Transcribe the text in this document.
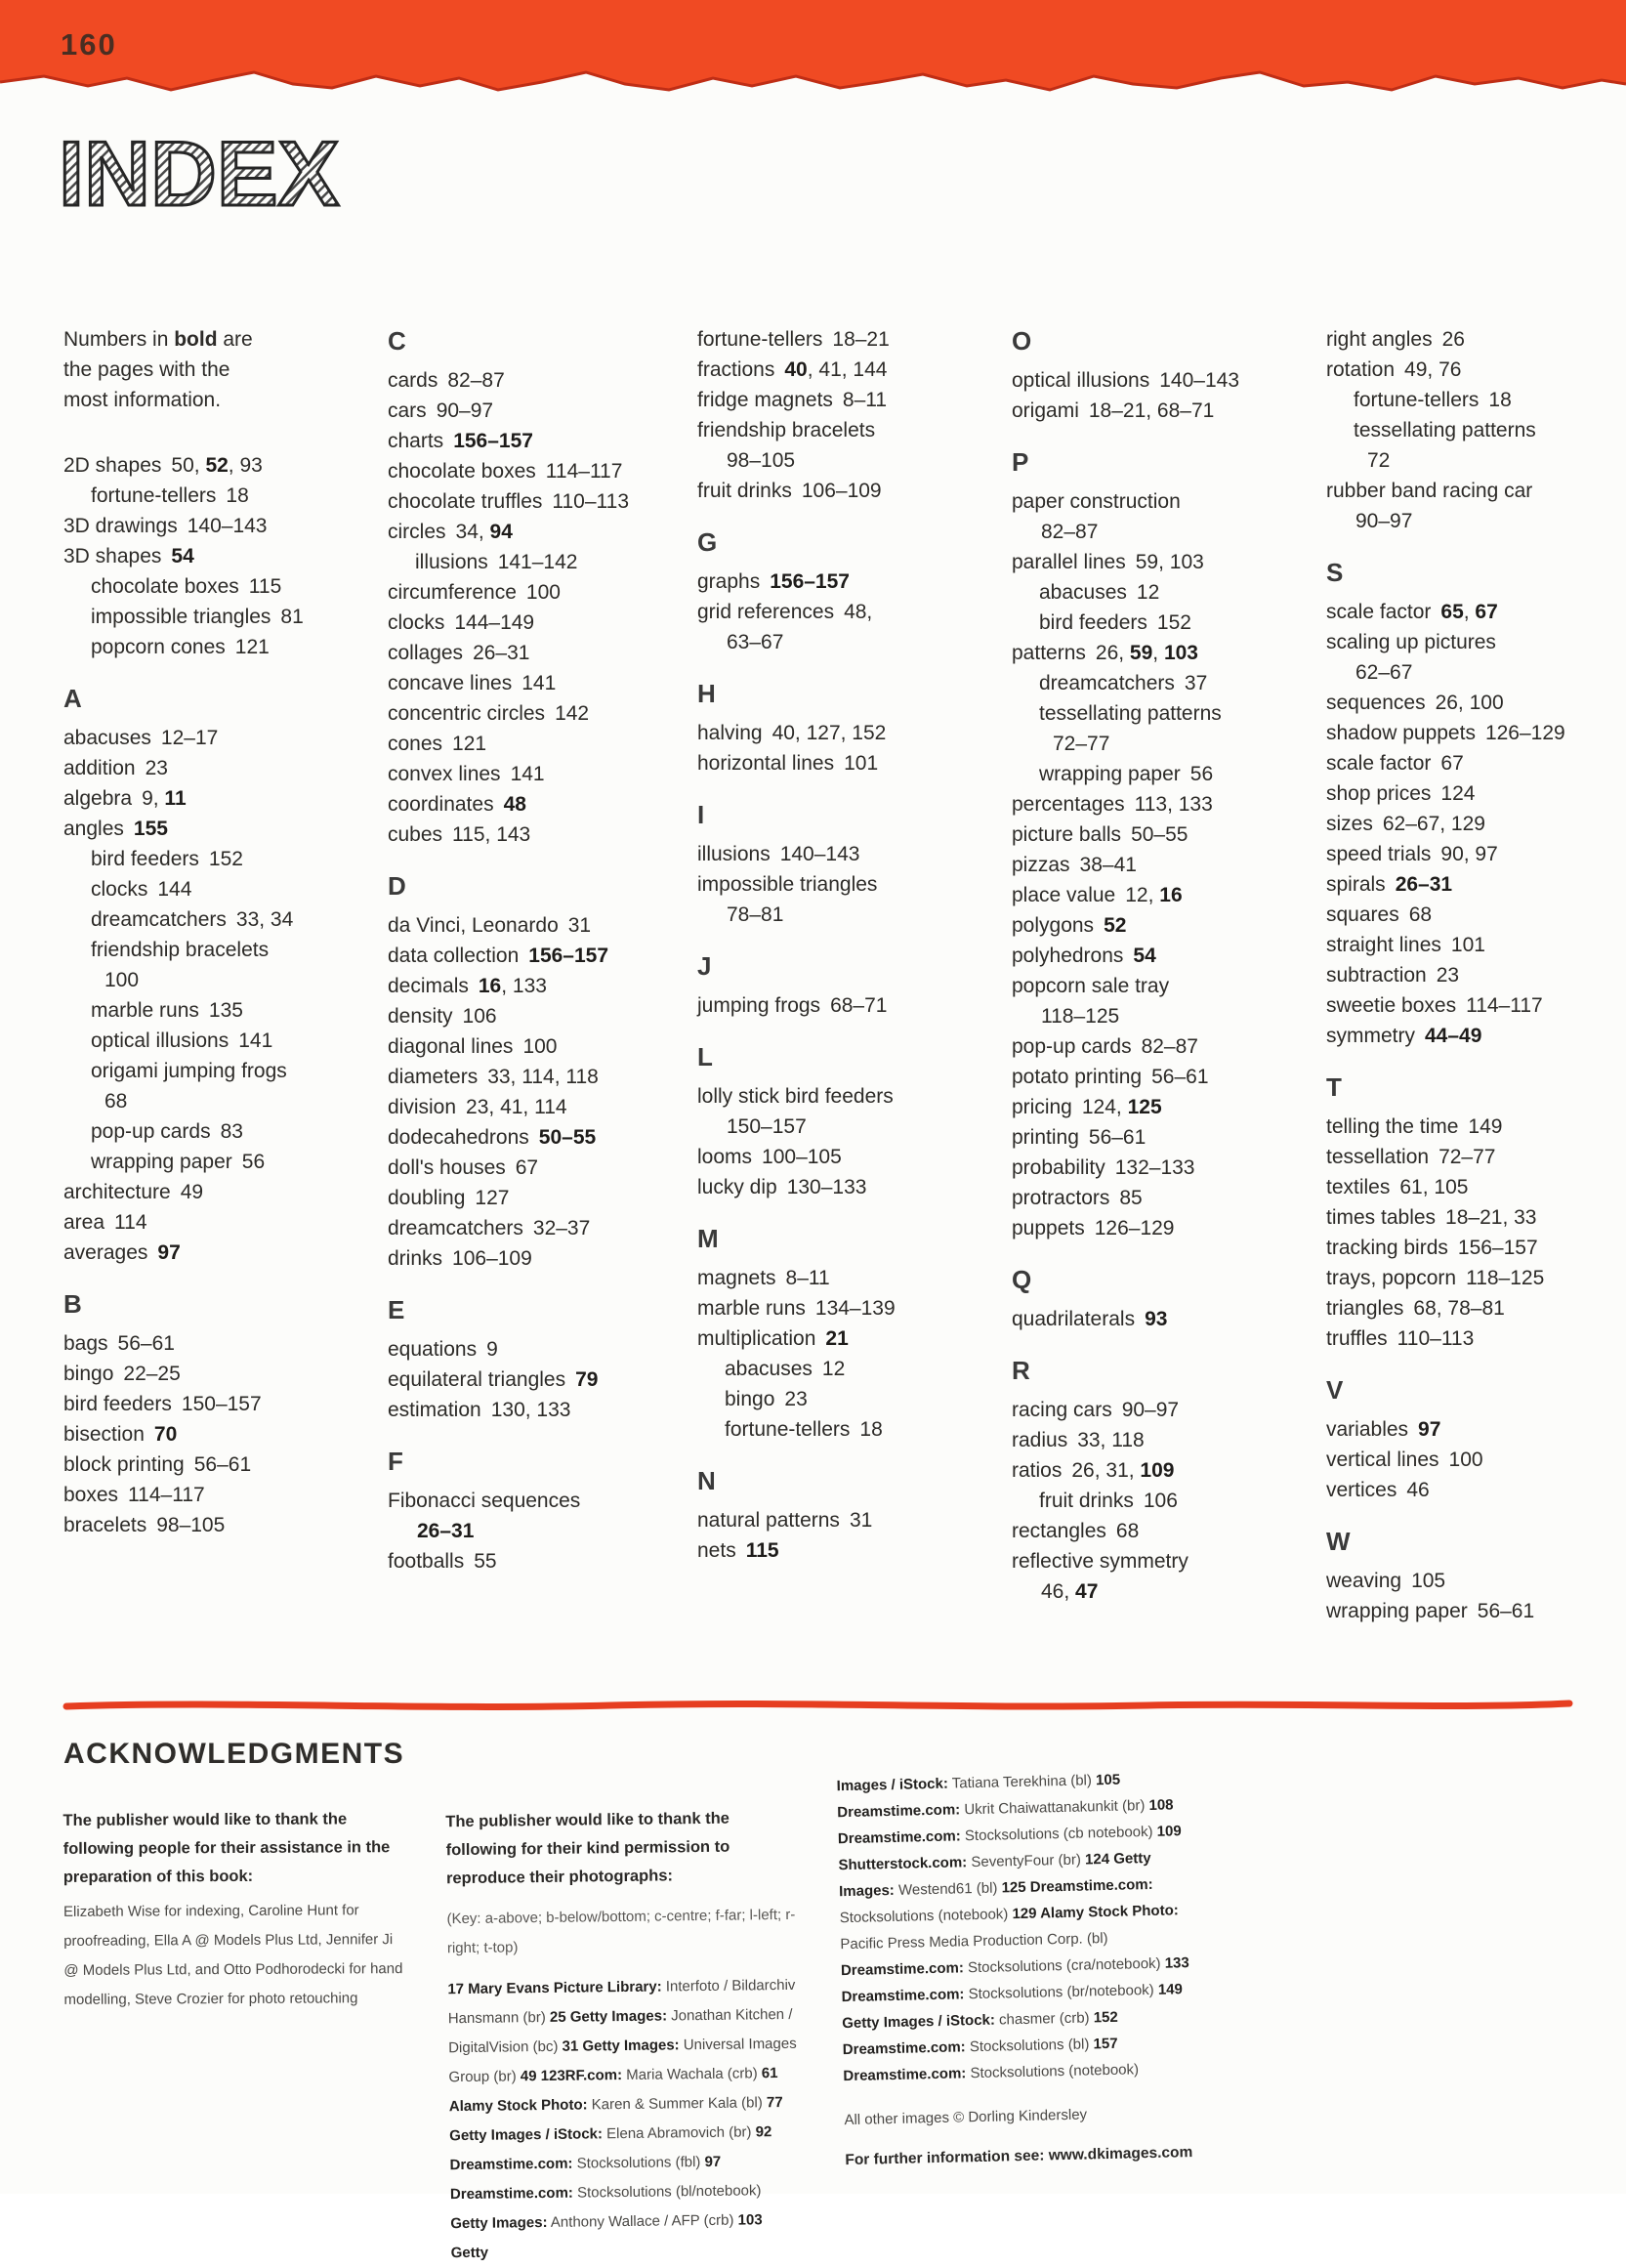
160
INDEX

Numbers in bold are the pages with the most information.

2D shapes 50, 52, 93
fortune-tellers 18
3D drawings 140–143
3D shapes 54
chocolate boxes 115
impossible triangles 81
popcorn cones 121
A
abacuses 12–17
addition 23
algebra 9, 11
angles 155
bird feeders 152
clocks 144
dreamcatchers 33, 34
friendship bracelets
100
marble runs 135
optical illusions 141
origami jumping frogs
68
pop-up cards 83
wrapping paper 56
architecture 49
area 114
averages 97
B
bags 56–61
bingo 22–25
bird feeders 150–157
bisection 70
block printing 56–61
boxes 114–117
bracelets 98–105
C
cards 82–87
cars 90–97
charts 156–157
chocolate boxes 114–117
chocolate truffles 110–113
circles 34, 94
illusions 141–142
circumference 100
clocks 144–149
collages 26–31
concave lines 141
concentric circles 142
cones 121
convex lines 141
coordinates 48
cubes 115, 143
D
da Vinci, Leonardo 31
data collection 156–157
decimals 16, 133
density 106
diagonal lines 100
diameters 33, 114, 118
division 23, 41, 114
dodecahedrons 50–55
doll's houses 67
doubling 127
dreamcatchers 32–37
drinks 106–109
E
equations 9
equilateral triangles 79
estimation 130, 133
F
Fibonacci sequences
26–31
footballs 55
fortune-tellers 18–21
fractions 40, 41, 144
fridge magnets 8–11
friendship bracelets
98–105
fruit drinks 106–109
G
graphs 156–157
grid references 48,
63–67
H
halving 40, 127, 152
horizontal lines 101
I
illusions 140–143
impossible triangles
78–81
J
jumping frogs 68–71
L
lolly stick bird feeders
150–157
looms 100–105
lucky dip 130–133
M
magnets 8–11
marble runs 134–139
multiplication 21
abacuses 12
bingo 23
fortune-tellers 18
N
natural patterns 31
nets 115
O
optical illusions 140–143
origami 18–21, 68–71
P
paper construction
82–87
parallel lines 59, 103
abacuses 12
bird feeders 152
patterns 26, 59, 103
dreamcatchers 37
tessellating patterns
72–77
wrapping paper 56
percentages 113, 133
picture balls 50–55
pizzas 38–41
place value 12, 16
polygons 52
polyhedrons 54
popcorn sale tray
118–125
pop-up cards 82–87
potato printing 56–61
pricing 124, 125
printing 56–61
probability 132–133
protractors 85
puppets 126–129
Q
quadrilaterals 93
R
racing cars 90–97
radius 33, 118
ratios 26, 31, 109
fruit drinks 106
rectangles 68
reflective symmetry
46, 47
right angles 26
rotation 49, 76
fortune-tellers 18
tessellating patterns
72
rubber band racing car
90–97
S
scale factor 65, 67
scaling up pictures
62–67
sequences 26, 100
shadow puppets 126–129
scale factor 67
shop prices 124
sizes 62–67, 129
speed trials 90, 97
spirals 26–31
squares 68
straight lines 101
subtraction 23
sweetie boxes 114–117
symmetry 44–49
T
telling the time 149
tessellation 72–77
textiles 61, 105
times tables 18–21, 33
tracking birds 156–157
trays, popcorn 118–125
triangles 68, 78–81
truffles 110–113
V
variables 97
vertical lines 100
vertices 46
W
weaving 105
wrapping paper 56–61
ACKNOWLEDGMENTS

The publisher would like to thank the following people for their assistance in the preparation of this book:

Elizabeth Wise for indexing, Caroline Hunt for proofreading, Ella A @ Models Plus Ltd, Jennifer Ji @ Models Plus Ltd, and Otto Podhorodecki for hand modelling, Steve Crozier for photo retouching

The publisher would like to thank the following for their kind permission to reproduce their photographs:

(Key: a-above; b-below/bottom; c-centre; f-far; l-left; r-right; t-top)
17 Mary Evans Picture Library: Interfoto / Bildarchiv Hansmann (br) 25 Getty Images: Jonathan Kitchen / DigitalVision (bc) 31 Getty Images: Universal Images Group (br) 49 123RF.com: Maria Wachala (crb) 61 Alamy Stock Photo: Karen & Summer Kala (bl) 77 Getty Images / iStock: Elena Abramovich (br) 92 Dreamstime.com: Stocksolutions (fbl) 97 Dreamstime.com: Stocksolutions (bl/notebook) Getty Images: Anthony Wallace / AFP (crb) 103 Getty
Images / iStock: Tatiana Terekhina (bl) 105 Dreamstime.com: Ukrit Chaiwattanakunkit (br) 108 Dreamstime.com: Stocksolutions (cb notebook) 109 Shutterstock.com: SeventyFour (br) 124 Getty Images: Westend61 (bl) 125 Dreamstime.com: Stocksolutions (notebook) 129 Alamy Stock Photo: Pacific Press Media Production Corp. (bl) Dreamstime.com: Stocksolutions (cra/notebook) 133 Dreamstime.com: Stocksolutions (br/notebook) 149 Getty Images / iStock: chasmer (crb) 152 Dreamstime.com: Stocksolutions (bl) 157 Dreamstime.com: Stocksolutions (notebook)
All other images © Dorling Kindersley
For further information see: www.dkimages.com
